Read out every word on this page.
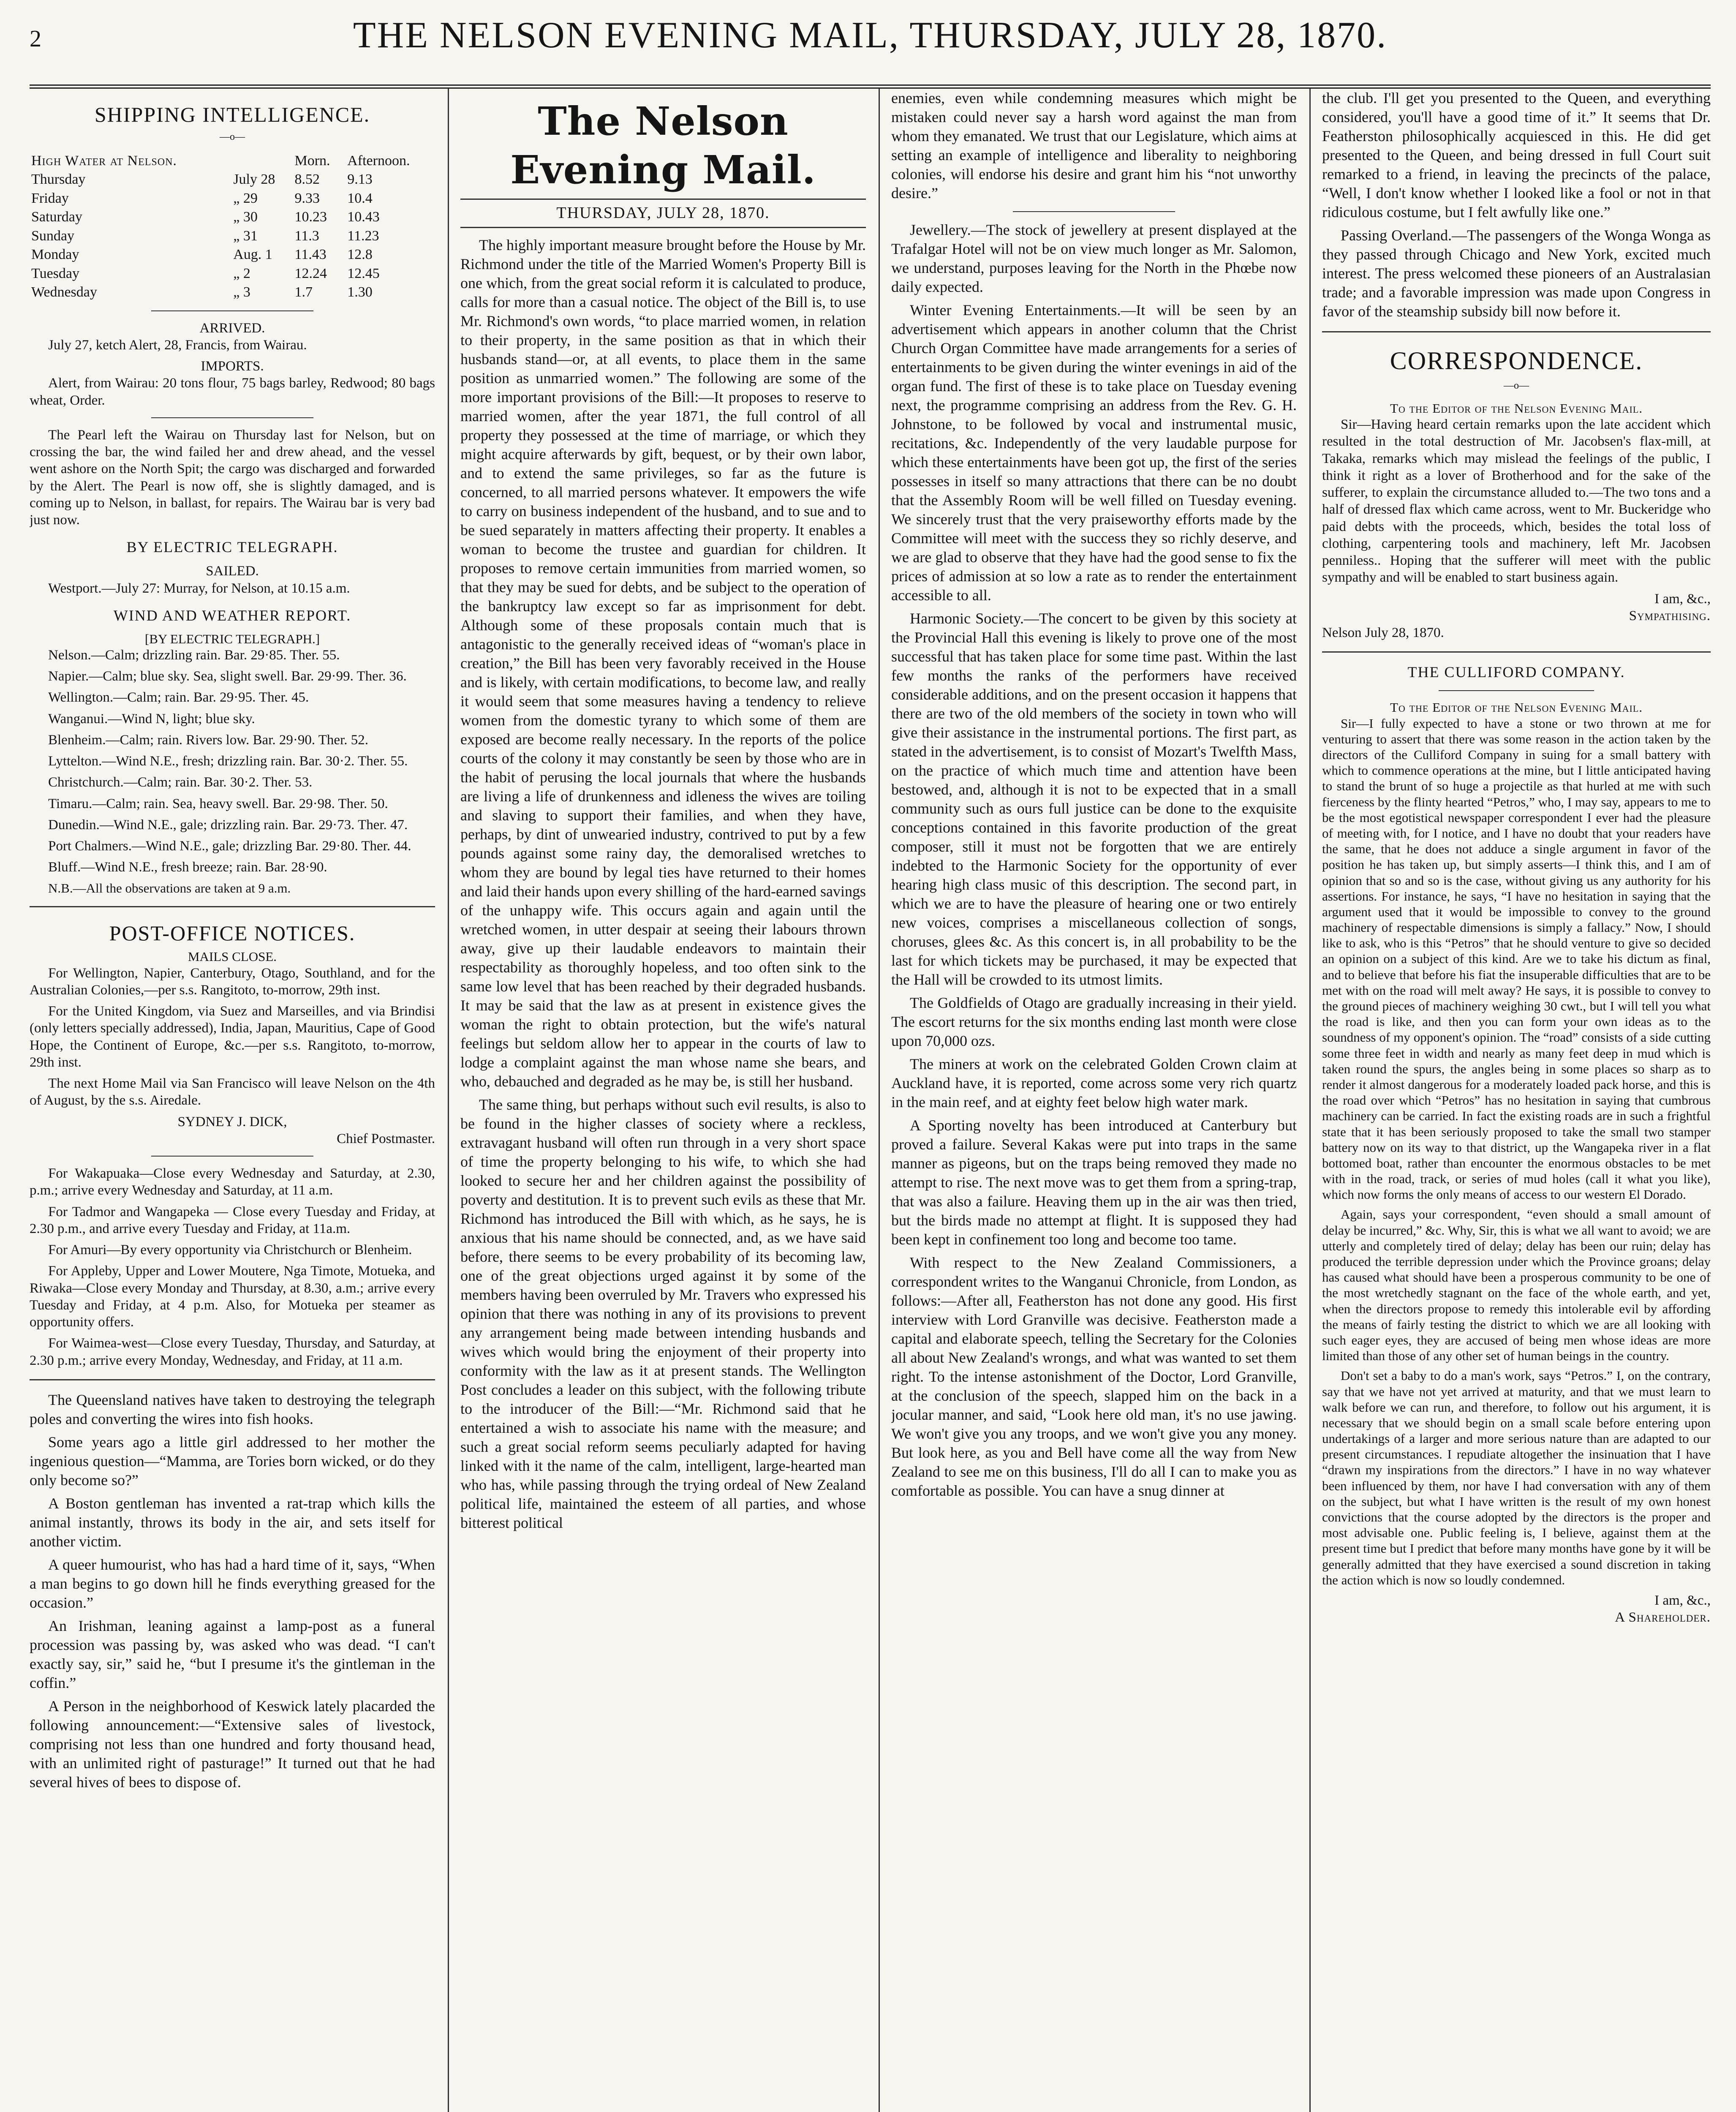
2	THE NELSON EVENING MAIL, THURSDAY, JULY 28, 1870.
SHIPPING INTELLIGENCE.
—o—
High Water at Nelson.		Morn.	Afternoon.
Thursday	July 28	8.52	9.13
Friday	„ 29	9.33	10.4
Saturday	„ 30	10.23	10.43
Sunday	„ 31	11.3	11.23
Monday	Aug. 1	11.43	12.8
Tuesday	„ 2	12.24	12.45
Wednesday	„ 3	1.7	1.30
ARRIVED.

July 27, ketch Alert, 28, Francis, from Wairau.

IMPORTS.

Alert, from Wairau: 20 tons flour, 75 bags barley, Redwood; 80 bags wheat, Order.

The Pearl left the Wairau on Thursday last for Nelson, but on crossing the bar, the wind failed her and drew ahead, and the vessel went ashore on the North Spit; the cargo was discharged and forwarded by the Alert. The Pearl is now off, she is slightly damaged, and is coming up to Nelson, in ballast, for repairs. The Wairau bar is very bad just now.

BY ELECTRIC TELEGRAPH.
SAILED.

Westport.—July 27: Murray, for Nelson, at 10.15 a.m.

WIND AND WEATHER REPORT.
[BY ELECTRIC TELEGRAPH.]

Nelson.—Calm; drizzling rain. Bar. 29·85. Ther. 55.

Napier.—Calm; blue sky. Sea, slight swell. Bar. 29·99. Ther. 36.

Wellington.—Calm; rain. Bar. 29·95. Ther. 45.

Wanganui.—Wind N, light; blue sky.

Blenheim.—Calm; rain. Rivers low. Bar. 29·90. Ther. 52.

Lyttelton.—Wind N.E., fresh; drizzling rain. Bar. 30·2. Ther. 55.

Christchurch.—Calm; rain. Bar. 30·2. Ther. 53.

Timaru.—Calm; rain. Sea, heavy swell. Bar. 29·98. Ther. 50.

Dunedin.—Wind N.E., gale; drizzling rain. Bar. 29·73. Ther. 47.

Port Chalmers.—Wind N.E., gale; drizzling Bar. 29·80. Ther. 44.

Bluff.—Wind N.E., fresh breeze; rain. Bar. 28·90.

N.B.—All the observations are taken at 9 a.m.

POST-OFFICE NOTICES.
MAILS CLOSE.

For Wellington, Napier, Canterbury, Otago, Southland, and for the Australian Colonies,—per s.s. Rangitoto, to-morrow, 29th inst.

For the United Kingdom, via Suez and Marseilles, and via Brindisi (only letters specially addressed), India, Japan, Mauritius, Cape of Good Hope, the Continent of Europe, &c.—per s.s. Rangitoto, to-morrow, 29th inst.

The next Home Mail via San Francisco will leave Nelson on the 4th of August, by the s.s. Airedale.

SYDNEY J. DICK,
Chief Postmaster.

For Wakapuaka—Close every Wednesday and Saturday, at 2.30, p.m.; arrive every Wednesday and Saturday, at 11 a.m.

For Tadmor and Wangapeka — Close every Tuesday and Friday, at 2.30 p.m., and arrive every Tuesday and Friday, at 11a.m.

For Amuri—By every opportunity via Christchurch or Blenheim.

For Appleby, Upper and Lower Moutere, Nga Timote, Motueka, and Riwaka—Close every Monday and Thursday, at 8.30, a.m.; arrive every Tuesday and Friday, at 4 p.m. Also, for Motueka per steamer as opportunity offers.

For Waimea-west—Close every Tuesday, Thursday, and Saturday, at 2.30 p.m.; arrive every Monday, Wednesday, and Friday, at 11 a.m.

The Queensland natives have taken to destroying the telegraph poles and converting the wires into fish hooks.

Some years ago a little girl addressed to her mother the ingenious question—“Mamma, are Tories born wicked, or do they only become so?”

A Boston gentleman has invented a rat-trap which kills the animal instantly, throws its body in the air, and sets itself for another victim.

A queer humourist, who has had a hard time of it, says, “When a man begins to go down hill he finds everything greased for the occasion.”

An Irishman, leaning against a lamp-post as a funeral procession was passing by, was asked who was dead. “I can't exactly say, sir,” said he, “but I presume it's the gintleman in the coffin.”

A Person in the neighborhood of Keswick lately placarded the following announcement:—“Extensive sales of livestock, comprising not less than one hundred and forty thousand head, with an unlimited right of pasturage!” It turned out that he had several hives of bees to dispose of.

The Nelson Evening Mail.
THURSDAY, JULY 28, 1870.

The highly important measure brought before the House by Mr. Richmond under the title of the Married Women's Property Bill is one which, from the great social reform it is calculated to produce, calls for more than a casual notice. The object of the Bill is, to use Mr. Richmond's own words, “to place married women, in relation to their property, in the same position as that in which their husbands stand—or, at all events, to place them in the same position as unmarried women.” The following are some of the more important provisions of the Bill:—It proposes to reserve to married women, after the year 1871, the full control of all property they possessed at the time of marriage, or which they might acquire afterwards by gift, bequest, or by their own labor, and to extend the same privileges, so far as the future is concerned, to all married persons whatever. It empowers the wife to carry on business independent of the husband, and to sue and to be sued separately in matters affecting their property. It enables a woman to become the trustee and guardian for children. It proposes to remove certain immunities from married women, so that they may be sued for debts, and be subject to the operation of the bankruptcy law except so far as imprisonment for debt. Although some of these proposals contain much that is antagonistic to the generally received ideas of “woman's place in creation,” the Bill has been very favorably received in the House and is likely, with certain modifications, to become law, and really it would seem that some measures having a tendency to relieve women from the domestic tyrany to which some of them are exposed are become really necessary. In the reports of the police courts of the colony it may constantly be seen by those who are in the habit of perusing the local journals that where the husbands are living a life of drunkenness and idleness the wives are toiling and slaving to support their families, and when they have, perhaps, by dint of unwearied industry, contrived to put by a few pounds against some rainy day, the demoralised wretches to whom they are bound by legal ties have returned to their homes and laid their hands upon every shilling of the hard-earned savings of the unhappy wife. This occurs again and again until the wretched women, in utter despair at seeing their labours thrown away, give up their laudable endeavors to maintain their respectability as thoroughly hopeless, and too often sink to the same low level that has been reached by their degraded husbands. It may be said that the law as at present in existence gives the woman the right to obtain protection, but the wife's natural feelings but seldom allow her to appear in the courts of law to lodge a complaint against the man whose name she bears, and who, debauched and degraded as he may be, is still her husband.

The same thing, but perhaps without such evil results, is also to be found in the higher classes of society where a reckless, extravagant husband will often run through in a very short space of time the property belonging to his wife, to which she had looked to secure her and her children against the possibility of poverty and destitution. It is to prevent such evils as these that Mr. Richmond has introduced the Bill with which, as he says, he is anxious that his name should be connected, and, as we have said before, there seems to be every probability of its becoming law, one of the great objections urged against it by some of the members having been overruled by Mr. Travers who expressed his opinion that there was nothing in any of its provisions to prevent any arrangement being made between intending husbands and wives which would bring the enjoyment of their property into conformity with the law as it at present stands. The Wellington Post concludes a leader on this subject, with the following tribute to the introducer of the Bill:—“Mr. Richmond said that he entertained a wish to associate his name with the measure; and such a great social reform seems peculiarly adapted for having linked with it the name of the calm, intelligent, large-hearted man who has, while passing through the trying ordeal of New Zealand political life, maintained the esteem of all parties, and whose bitterest political

enemies, even while condemning measures which might be mistaken could never say a harsh word against the man from whom they emanated. We trust that our Legislature, which aims at setting an example of intelligence and liberality to neighboring colonies, will endorse his desire and grant him his “not unworthy desire.”

Jewellery.—The stock of jewellery at present displayed at the Trafalgar Hotel will not be on view much longer as Mr. Salomon, we understand, purposes leaving for the North in the Phœbe now daily expected.

Winter Evening Entertainments.—It will be seen by an advertisement which appears in another column that the Christ Church Organ Committee have made arrangements for a series of entertainments to be given during the winter evenings in aid of the organ fund. The first of these is to take place on Tuesday evening next, the programme comprising an address from the Rev. G. H. Johnstone, to be followed by vocal and instrumental music, recitations, &c. Independently of the very laudable purpose for which these entertainments have been got up, the first of the series possesses in itself so many attractions that there can be no doubt that the Assembly Room will be well filled on Tuesday evening. We sincerely trust that the very praiseworthy efforts made by the Committee will meet with the success they so richly deserve, and we are glad to observe that they have had the good sense to fix the prices of admission at so low a rate as to render the entertainment accessible to all.

Harmonic Society.—The concert to be given by this society at the Provincial Hall this evening is likely to prove one of the most successful that has taken place for some time past. Within the last few months the ranks of the performers have received considerable additions, and on the present occasion it happens that there are two of the old members of the society in town who will give their assistance in the instrumental portions. The first part, as stated in the advertisement, is to consist of Mozart's Twelfth Mass, on the practice of which much time and attention have been bestowed, and, although it is not to be expected that in a small community such as ours full justice can be done to the exquisite conceptions contained in this favorite production of the great composer, still it must not be forgotten that we are entirely indebted to the Harmonic Society for the opportunity of ever hearing high class music of this description. The second part, in which we are to have the pleasure of hearing one or two entirely new voices, comprises a miscellaneous collection of songs, choruses, glees &c. As this concert is, in all probability to be the last for which tickets may be purchased, it may be expected that the Hall will be crowded to its utmost limits.

The Goldfields of Otago are gradually increasing in their yield. The escort returns for the six months ending last month were close upon 70,000 ozs.

The miners at work on the celebrated Golden Crown claim at Auckland have, it is reported, come across some very rich quartz in the main reef, and at eighty feet below high water mark.

A Sporting novelty has been introduced at Canterbury but proved a failure. Several Kakas were put into traps in the same manner as pigeons, but on the traps being removed they made no attempt to rise. The next move was to get them from a spring-trap, that was also a failure. Heaving them up in the air was then tried, but the birds made no attempt at flight. It is supposed they had been kept in confinement too long and become too tame.

With respect to the New Zealand Commissioners, a correspondent writes to the Wanganui Chronicle, from London, as follows:—After all, Featherston has not done any good. His first interview with Lord Granville was decisive. Featherston made a capital and elaborate speech, telling the Secretary for the Colonies all about New Zealand's wrongs, and what was wanted to set them right. To the intense astonishment of the Doctor, Lord Granville, at the conclusion of the speech, slapped him on the back in a jocular manner, and said, “Look here old man, it's no use jawing. We won't give you any troops, and we won't give you any money. But look here, as you and Bell have come all the way from New Zealand to see me on this business, I'll do all I can to make you as comfortable as possible. You can have a snug dinner at

the club. I'll get you presented to the Queen, and everything considered, you'll have a good time of it.” It seems that Dr. Featherston philosophically acquiesced in this. He did get presented to the Queen, and being dressed in full Court suit remarked to a friend, in leaving the precincts of the palace, “Well, I don't know whether I looked like a fool or not in that ridiculous costume, but I felt awfully like one.”

Passing Overland.—The passengers of the Wonga Wonga as they passed through Chicago and New York, excited much interest. The press welcomed these pioneers of an Australasian trade; and a favorable impression was made upon Congress in favor of the steamship subsidy bill now before it.

CORRESPONDENCE.
—o—
To the Editor of the Nelson Evening Mail.

Sir—Having heard certain remarks upon the late accident which resulted in the total destruction of Mr. Jacobsen's flax-mill, at Takaka, remarks which may mislead the feelings of the public, I think it right as a lover of Brotherhood and for the sake of the sufferer, to explain the circumstance alluded to.—The two tons and a half of dressed flax which came across, went to Mr. Buckeridge who paid debts with the proceeds, which, besides the total loss of clothing, carpentering tools and machinery, left Mr. Jacobsen penniless.. Hoping that the sufferer will meet with the public sympathy and will be enabled to start business again.

I am, &c.,
Sympathising.
Nelson July 28, 1870.
THE CULLIFORD COMPANY.
To the Editor of the Nelson Evening Mail.

Sir—I fully expected to have a stone or two thrown at me for venturing to assert that there was some reason in the action taken by the directors of the Culliford Company in suing for a small battery with which to commence operations at the mine, but I little anticipated having to stand the brunt of so huge a projectile as that hurled at me with such fierceness by the flinty hearted “Petros,” who, I may say, appears to me to be the most egotistical newspaper correspondent I ever had the pleasure of meeting with, for I notice, and I have no doubt that your readers have the same, that he does not adduce a single argument in favor of the position he has taken up, but simply asserts—I think this, and I am of opinion that so and so is the case, without giving us any authority for his assertions. For instance, he says, “I have no hesitation in saying that the argument used that it would be impossible to convey to the ground machinery of respectable dimensions is simply a fallacy.” Now, I should like to ask, who is this “Petros” that he should venture to give so decided an opinion on a subject of this kind. Are we to take his dictum as final, and to believe that before his fiat the insuperable difficulties that are to be met with on the road will melt away? He says, it is possible to convey to the ground pieces of machinery weighing 30 cwt., but I will tell you what the road is like, and then you can form your own ideas as to the soundness of my opponent's opinion. The “road” consists of a side cutting some three feet in width and nearly as many feet deep in mud which is taken round the spurs, the angles being in some places so sharp as to render it almost dangerous for a moderately loaded pack horse, and this is the road over which “Petros” has no hesitation in saying that cumbrous machinery can be carried. In fact the existing roads are in such a frightful state that it has been seriously proposed to take the small two stamper battery now on its way to that district, up the Wangapeka river in a flat bottomed boat, rather than encounter the enormous obstacles to be met with in the road, track, or series of mud holes (call it what you like), which now forms the only means of access to our western El Dorado.

Again, says your correspondent, “even should a small amount of delay be incurred,” &c. Why, Sir, this is what we all want to avoid; we are utterly and completely tired of delay; delay has been our ruin; delay has produced the terrible depression under which the Province groans; delay has caused what should have been a prosperous community to be one of the most wretchedly stagnant on the face of the whole earth, and yet, when the directors propose to remedy this intolerable evil by affording the means of fairly testing the district to which we are all looking with such eager eyes, they are accused of being men whose ideas are more limited than those of any other set of human beings in the country.

Don't set a baby to do a man's work, says “Petros.” I, on the contrary, say that we have not yet arrived at maturity, and that we must learn to walk before we can run, and therefore, to follow out his argument, it is necessary that we should begin on a small scale before entering upon undertakings of a larger and more serious nature than are adapted to our present circumstances. I repudiate altogether the insinuation that I have “drawn my inspirations from the directors.” I have in no way whatever been influenced by them, nor have I had conversation with any of them on the subject, but what I have written is the result of my own honest convictions that the course adopted by the directors is the proper and most advisable one. Public feeling is, I believe, against them at the present time but I predict that before many months have gone by it will be generally admitted that they have exercised a sound discretion in taking the action which is now so loudly condemned.

I am, &c.,
A Shareholder.
